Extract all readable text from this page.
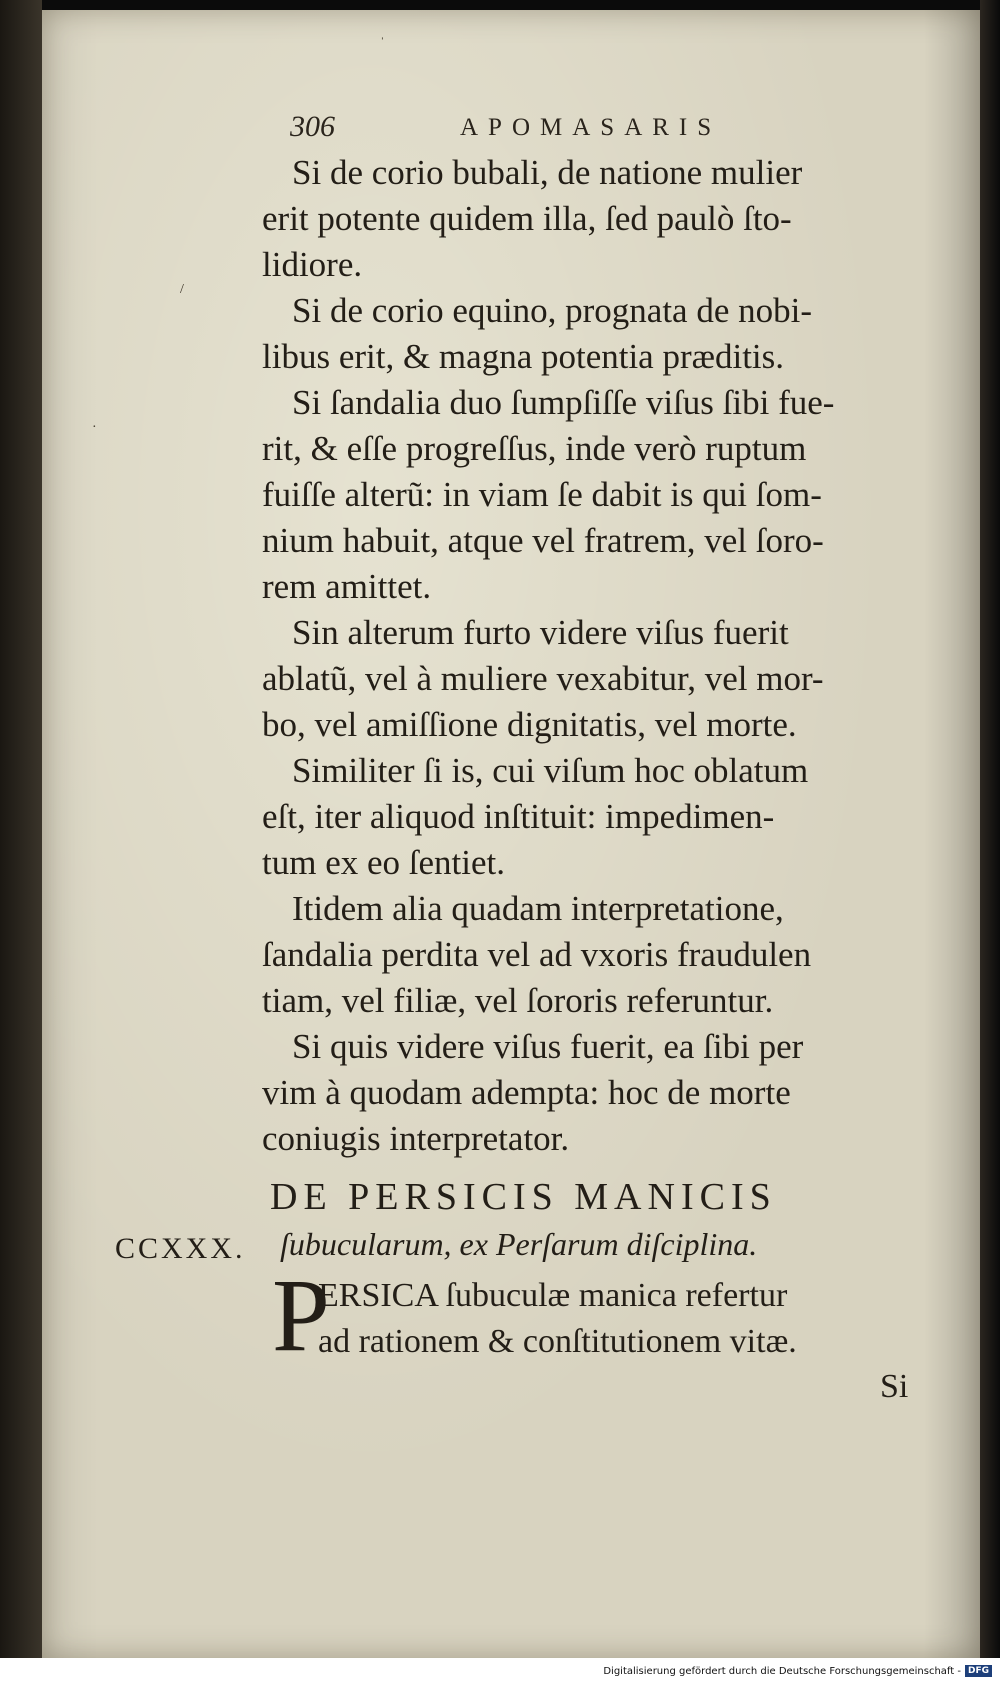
ˈ
/
·
306	APOMASARIS
Si de corio bubali, de natione mulier
erit potente quidem illa, ſed paulò ſto-
lidiore.
Si de corio equino, prognata de nobi-
libus erit, & magna potentia præditis.
Si ſandalia duo ſumpſiſſe viſus ſibi fue-
rit, & eſſe progreſſus, inde verò ruptum
fuiſſe alterũ: in viam ſe dabit is qui ſom-
nium habuit, atque vel fratrem, vel ſoro-
rem amittet.
Sin alterum furto videre viſus fuerit
ablatũ, vel à muliere vexabitur, vel mor-
bo, vel amiſſione dignitatis, vel morte.
Similiter ſi is, cui viſum hoc oblatum
eſt, iter aliquod inſtituit: impedimen-
tum ex eo ſentiet.
Itidem alia quadam interpretatione,
ſandalia perdita vel ad vxoris fraudulen
tiam, vel filiæ, vel ſororis referuntur.
Si quis videre viſus fuerit, ea ſibi per
vim à quodam adempta: hoc de morte
coniugis interpretator.
DE PERSICIS MANICIS
CCXXX. ſubucularum, ex Perſarum diſciplina.
P
ERSICA ſubuculæ manica refertur
ad rationem & conſtitutionem vitæ.
Si
Digitalisierung gefördert durch die Deutsche Forschungsgemeinschaft - DFG
